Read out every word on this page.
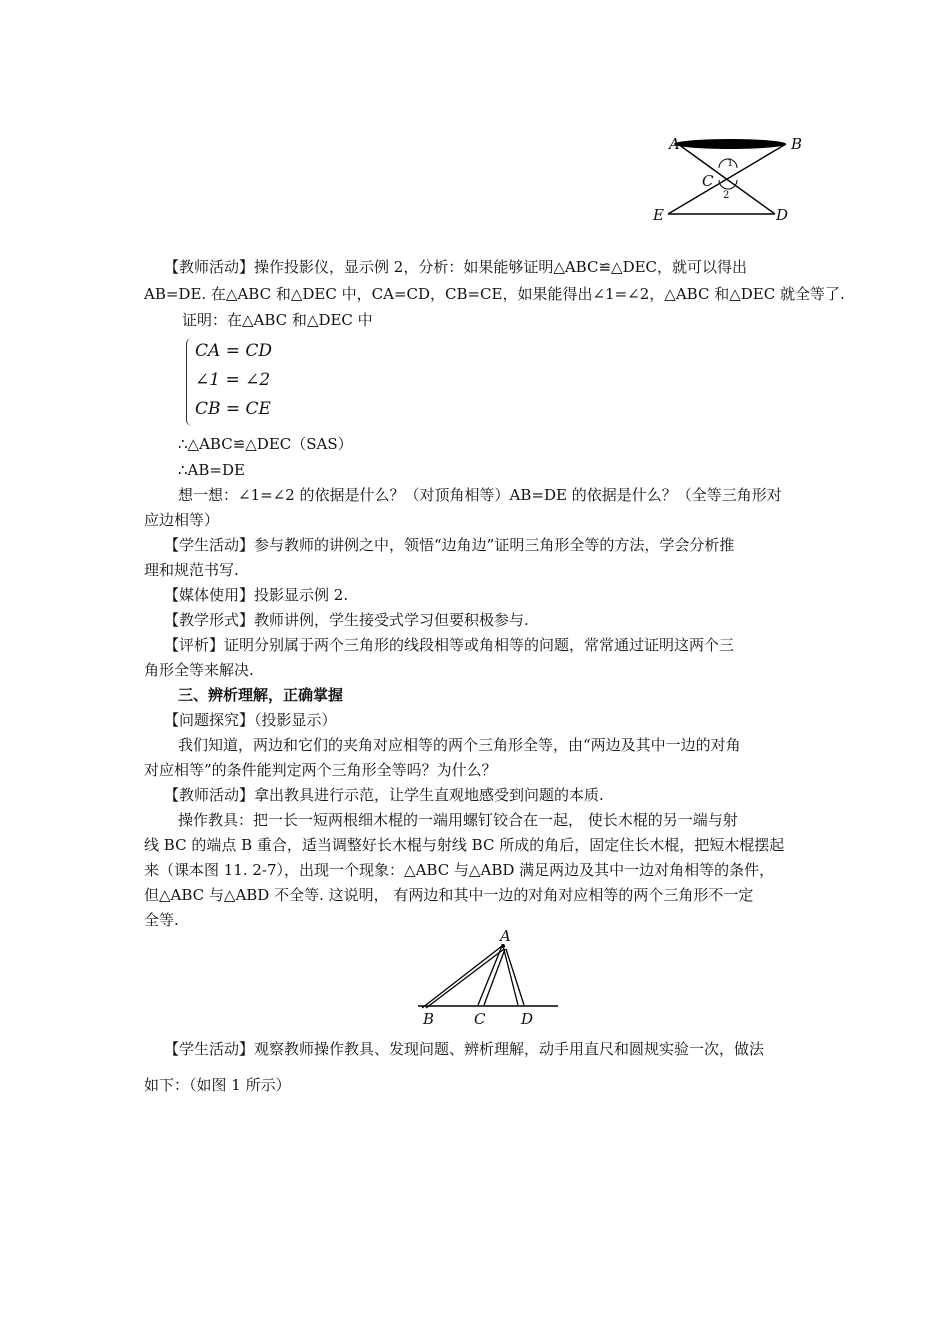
A	B
C
1
2
E	D
【教师活动】操作投影仪，显示例 2，分析：如果能够证明△ABC≌△DEC，就可以得出
AB=DE. 在△ABC 和△DEC 中，CA=CD，CB=CE，如果能得出∠1=∠2，△ABC 和△DEC 就全等了.
证明：在△ABC 和△DEC 中
CA = CD
∠1 = ∠2
CB = CE
∴△ABC≌△DEC（SAS）
∴AB=DE
想一想：∠1=∠2 的依据是什么？（对顶角相等）AB=DE 的依据是什么？（全等三角形对
应边相等）
【学生活动】参与教师的讲例之中，领悟“边角边”证明三角形全等的方法，学会分析推
理和规范书写.
【媒体使用】投影显示例 2.
【教学形式】教师讲例，学生接受式学习但要积极参与.
【评析】证明分别属于两个三角形的线段相等或角相等的问题，常常通过证明这两个三
角形全等来解决.
三、辨析理解，正确掌握
【问题探究】（投影显示）
我们知道，两边和它们的夹角对应相等的两个三角形全等，由“两边及其中一边的对角
对应相等”的条件能判定两个三角形全等吗？为什么？
【教师活动】拿出教具进行示范，让学生直观地感受到问题的本质.
操作教具：把一长一短两根细木棍的一端用螺钉铰合在一起， 使长木棍的另一端与射
线 BC 的端点 B 重合，适当调整好长木棍与射线 BC 所成的角后，固定住长木棍，把短木棍摆起
来（课本图 11. 2-7），出现一个现象：△ABC 与△ABD 满足两边及其中一边对角相等的条件，
但△ABC 与△ABD 不全等. 这说明， 有两边和其中一边的对角对应相等的两个三角形不一定
全等.
A
B	C D
【学生活动】观察教师操作教具、发现问题、辨析理解，动手用直尺和圆规实验一次，做法
如下：（如图 1 所示）
